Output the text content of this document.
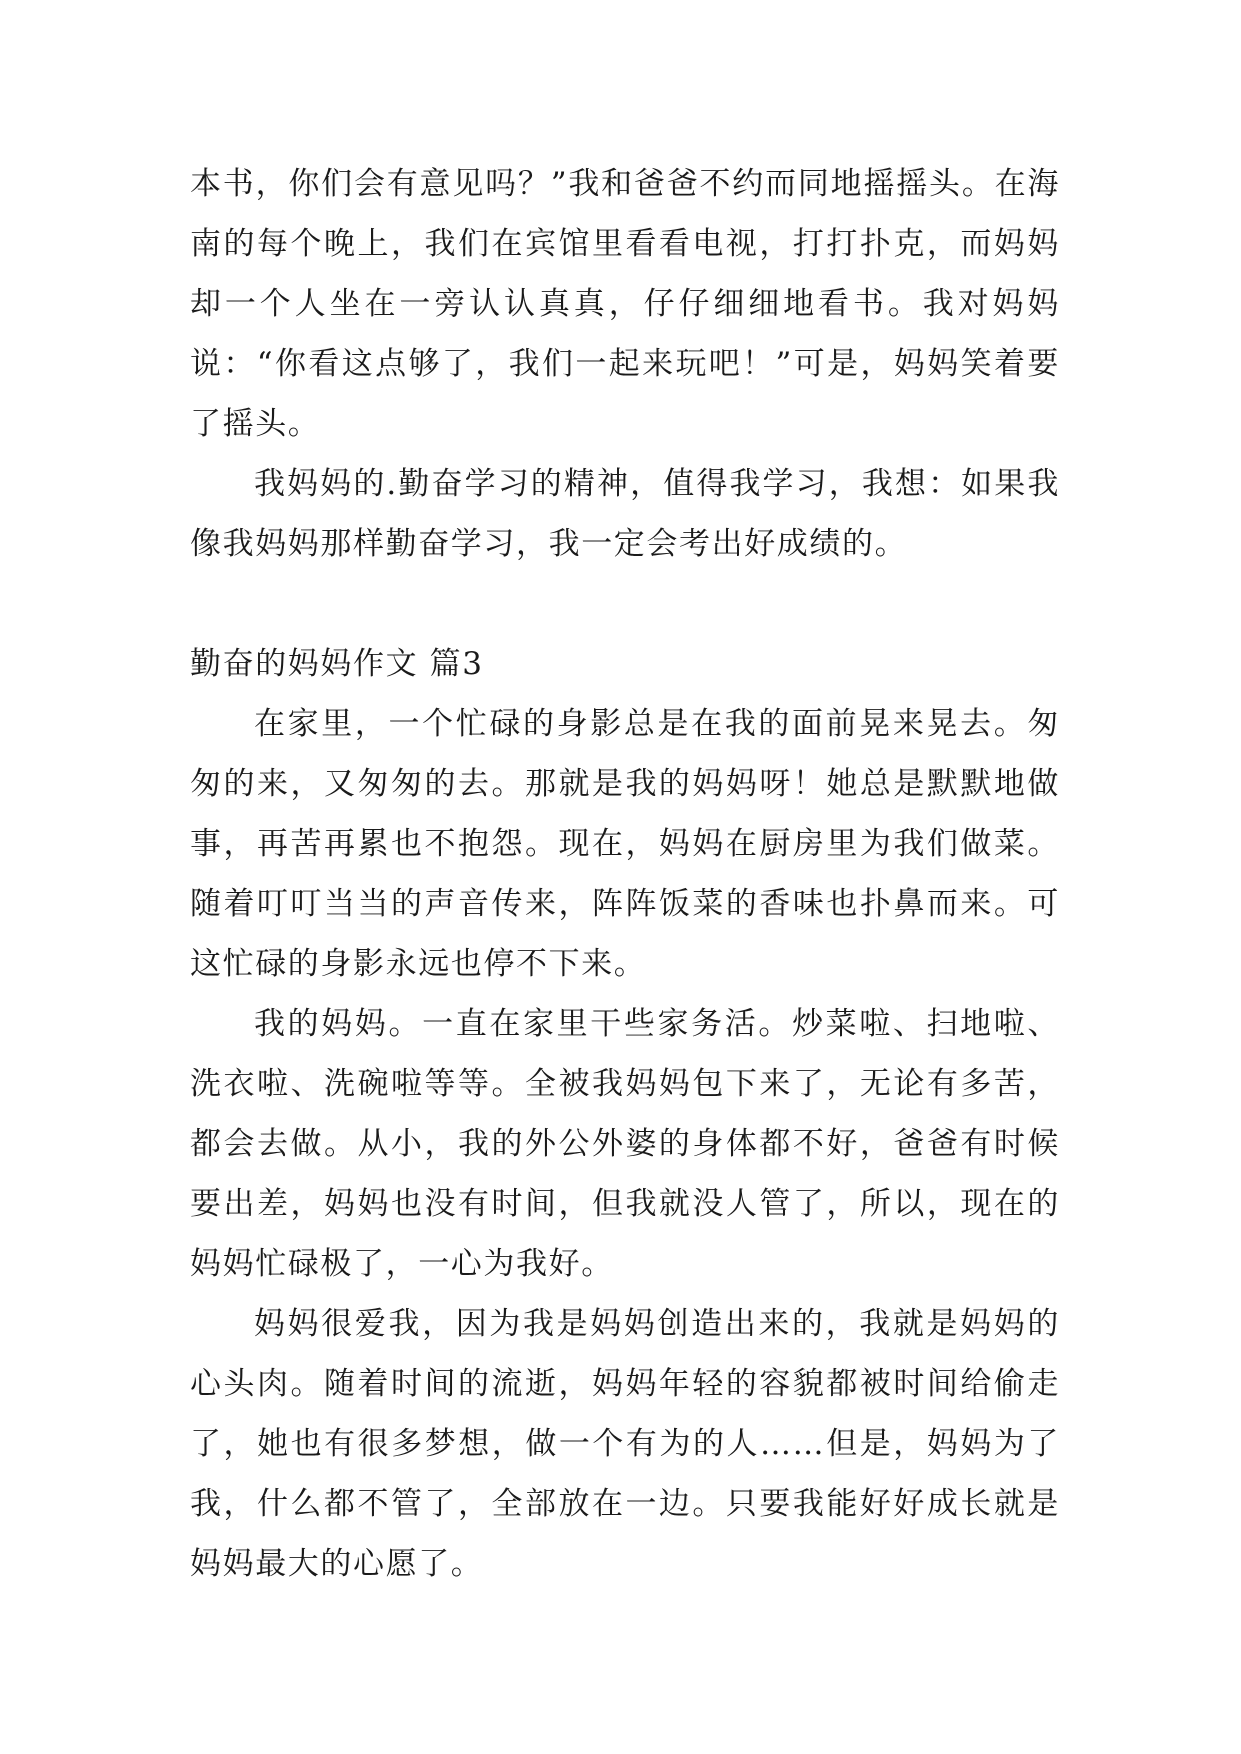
本书，你们会有意见吗？”我和爸爸不约而同地摇摇头。在海南的每个晚上，我们在宾馆里看看电视，打打扑克，而妈妈却一个人坐在一旁认认真真，仔仔细细地看书。我对妈妈说：“你看这点够了，我们一起来玩吧！”可是，妈妈笑着要了摇头。

我妈妈的.勤奋学习的精神，值得我学习，我想：如果我像我妈妈那样勤奋学习，我一定会考出好成绩的。

勤奋的妈妈作文 篇3

在家里，一个忙碌的身影总是在我的面前晃来晃去。匆匆的来，又匆匆的去。那就是我的妈妈呀！她总是默默地做事，再苦再累也不抱怨。现在，妈妈在厨房里为我们做菜。随着叮叮当当的声音传来，阵阵饭菜的香味也扑鼻而来。可这忙碌的身影永远也停不下来。

我的妈妈。一直在家里干些家务活。炒菜啦、扫地啦、洗衣啦、洗碗啦等等。全被我妈妈包下来了，无论有多苦，都会去做。从小，我的外公外婆的身体都不好，爸爸有时候要出差，妈妈也没有时间，但我就没人管了，所以，现在的妈妈忙碌极了，一心为我好。

妈妈很爱我，因为我是妈妈创造出来的，我就是妈妈的心头肉。随着时间的流逝，妈妈年轻的容貌都被时间给偷走了，她也有很多梦想，做一个有为的人……但是，妈妈为了我，什么都不管了，全部放在一边。只要我能好好成长就是妈妈最大的心愿了。
